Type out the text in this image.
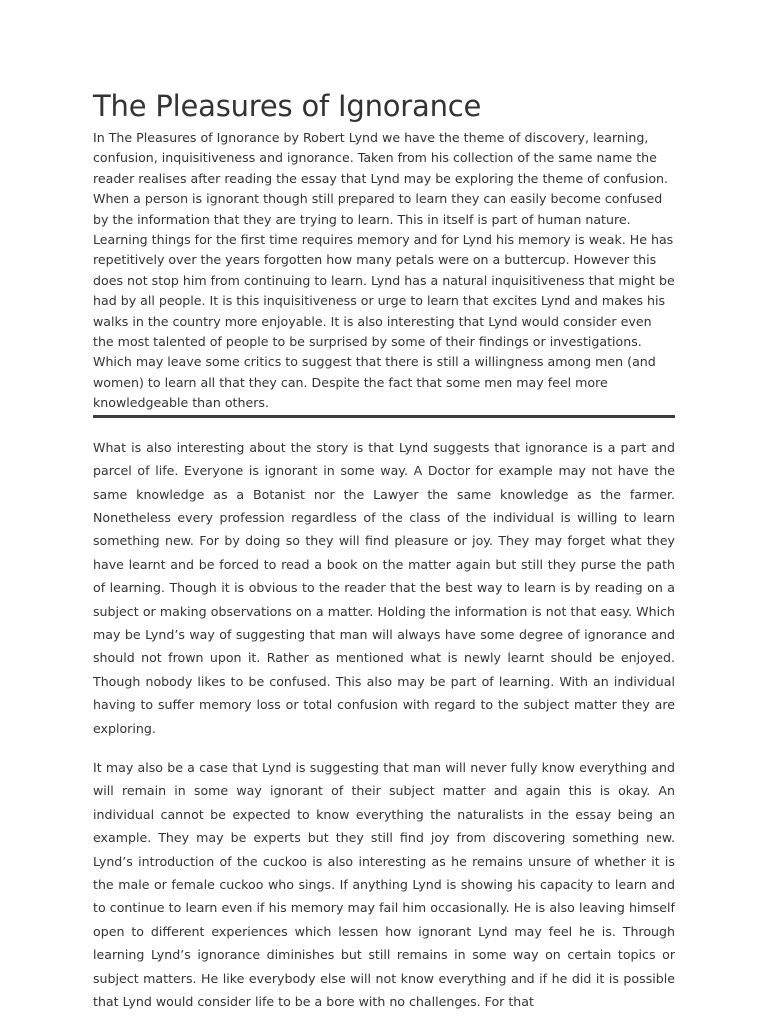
The Pleasures of Ignorance

In The Pleasures of Ignorance by Robert Lynd we have the theme of discovery, learning, confusion, inquisitiveness and ignorance. Taken from his collection of the same name the reader realises after reading the essay that Lynd may be exploring the theme of confusion. When a person is ignorant though still prepared to learn they can easily become confused by the information that they are trying to learn. This in itself is part of human nature. Learning things for the first time requires memory and for Lynd his memory is weak. He has repetitively over the years forgotten how many petals were on a buttercup. However this does not stop him from continuing to learn. Lynd has a natural inquisitiveness that might be had by all people. It is this inquisitiveness or urge to learn that excites Lynd and makes his walks in the country more enjoyable. It is also interesting that Lynd would consider even the most talented of people to be surprised by some of their findings or investigations. Which may leave some critics to suggest that there is still a willingness among men (and women) to learn all that they can. Despite the fact that some men may feel more knowledgeable than others.

What is also interesting about the story is that Lynd suggests that ignorance is a part and parcel of life. Everyone is ignorant in some way. A Doctor for example may not have the same knowledge as a Botanist nor the Lawyer the same knowledge as the farmer. Nonetheless every profession regardless of the class of the individual is willing to learn something new. For by doing so they will find pleasure or joy. They may forget what they have learnt and be forced to read a book on the matter again but still they purse the path of learning. Though it is obvious to the reader that the best way to learn is by reading on a subject or making observations on a matter. Holding the information is not that easy. Which may be Lynd’s way of suggesting that man will always have some degree of ignorance and should not frown upon it. Rather as mentioned what is newly learnt should be enjoyed. Though nobody likes to be confused. This also may be part of learning. With an individual having to suffer memory loss or total confusion with regard to the subject matter they are exploring.

It may also be a case that Lynd is suggesting that man will never fully know everything and will remain in some way ignorant of their subject matter and again this is okay. An individual cannot be expected to know everything the naturalists in the essay being an example. They may be experts but they still find joy from discovering something new. Lynd’s introduction of the cuckoo is also interesting as he remains unsure of whether it is the male or female cuckoo who sings. If anything Lynd is showing his capacity to learn and to continue to learn even if his memory may fail him occasionally. He is also leaving himself open to different experiences which lessen how ignorant Lynd may feel he is. Through learning Lynd’s ignorance diminishes but still remains in some way on certain topics or subject matters. He like everybody else will not know everything and if he did it is possible that Lynd would consider life to be a bore with no challenges. For that
